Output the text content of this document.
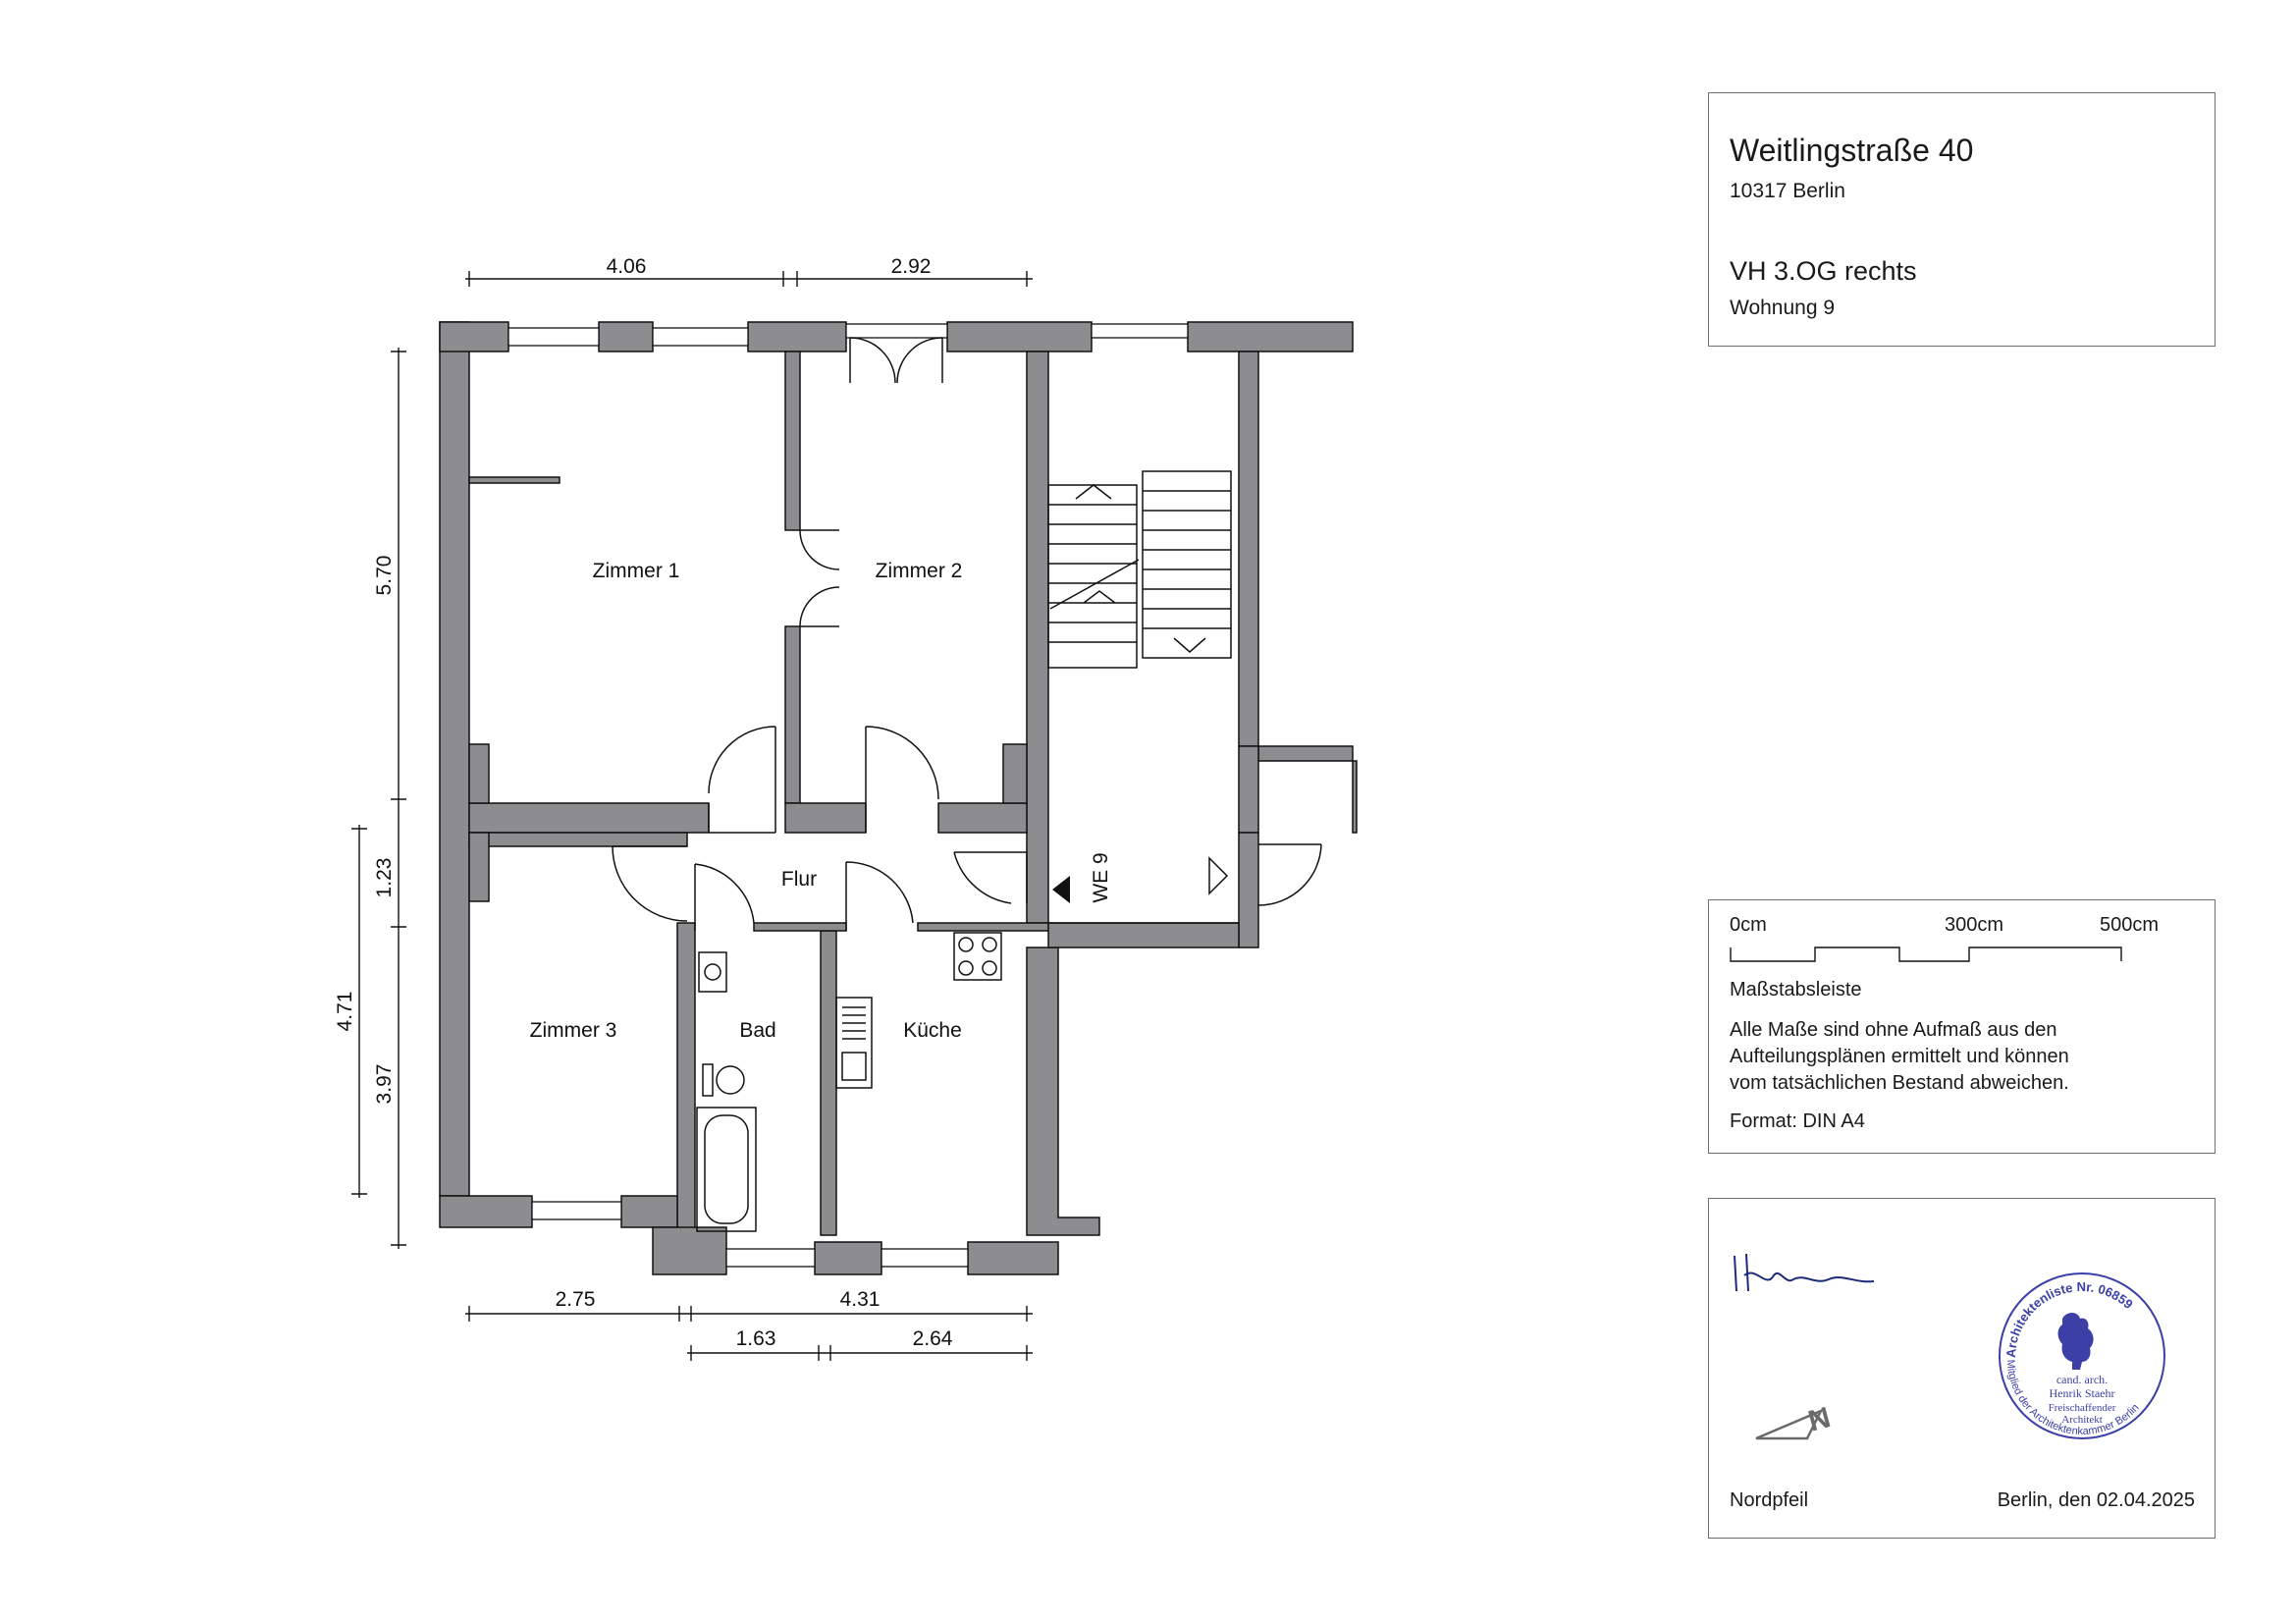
Zimmer 1	Zimmer 2
Zimmer 3
Flur
Bad	Küche
WE 9
4.06	2.92
5.70
1.23
4.71
3.97
2.75	4.31
1.63	2.64
Weitlingstraße 40
10317 Berlin
VH 3.OG rechts
Wohnung 9
0cm	300cm	500cm
Maßstabsleiste
Alle Maße sind ohne Aufmaß aus den
Aufteilungsplänen ermittelt und können
vom tatsächlichen Bestand abweichen.
Format: DIN A4
N
Architektenliste Nr. 06859
Mitglied der Architektenkammer Berlin
cand. arch.
Henrik Staehr
Freischaffender
Architekt
Nordpfeil	Berlin, den 02.04.2025
